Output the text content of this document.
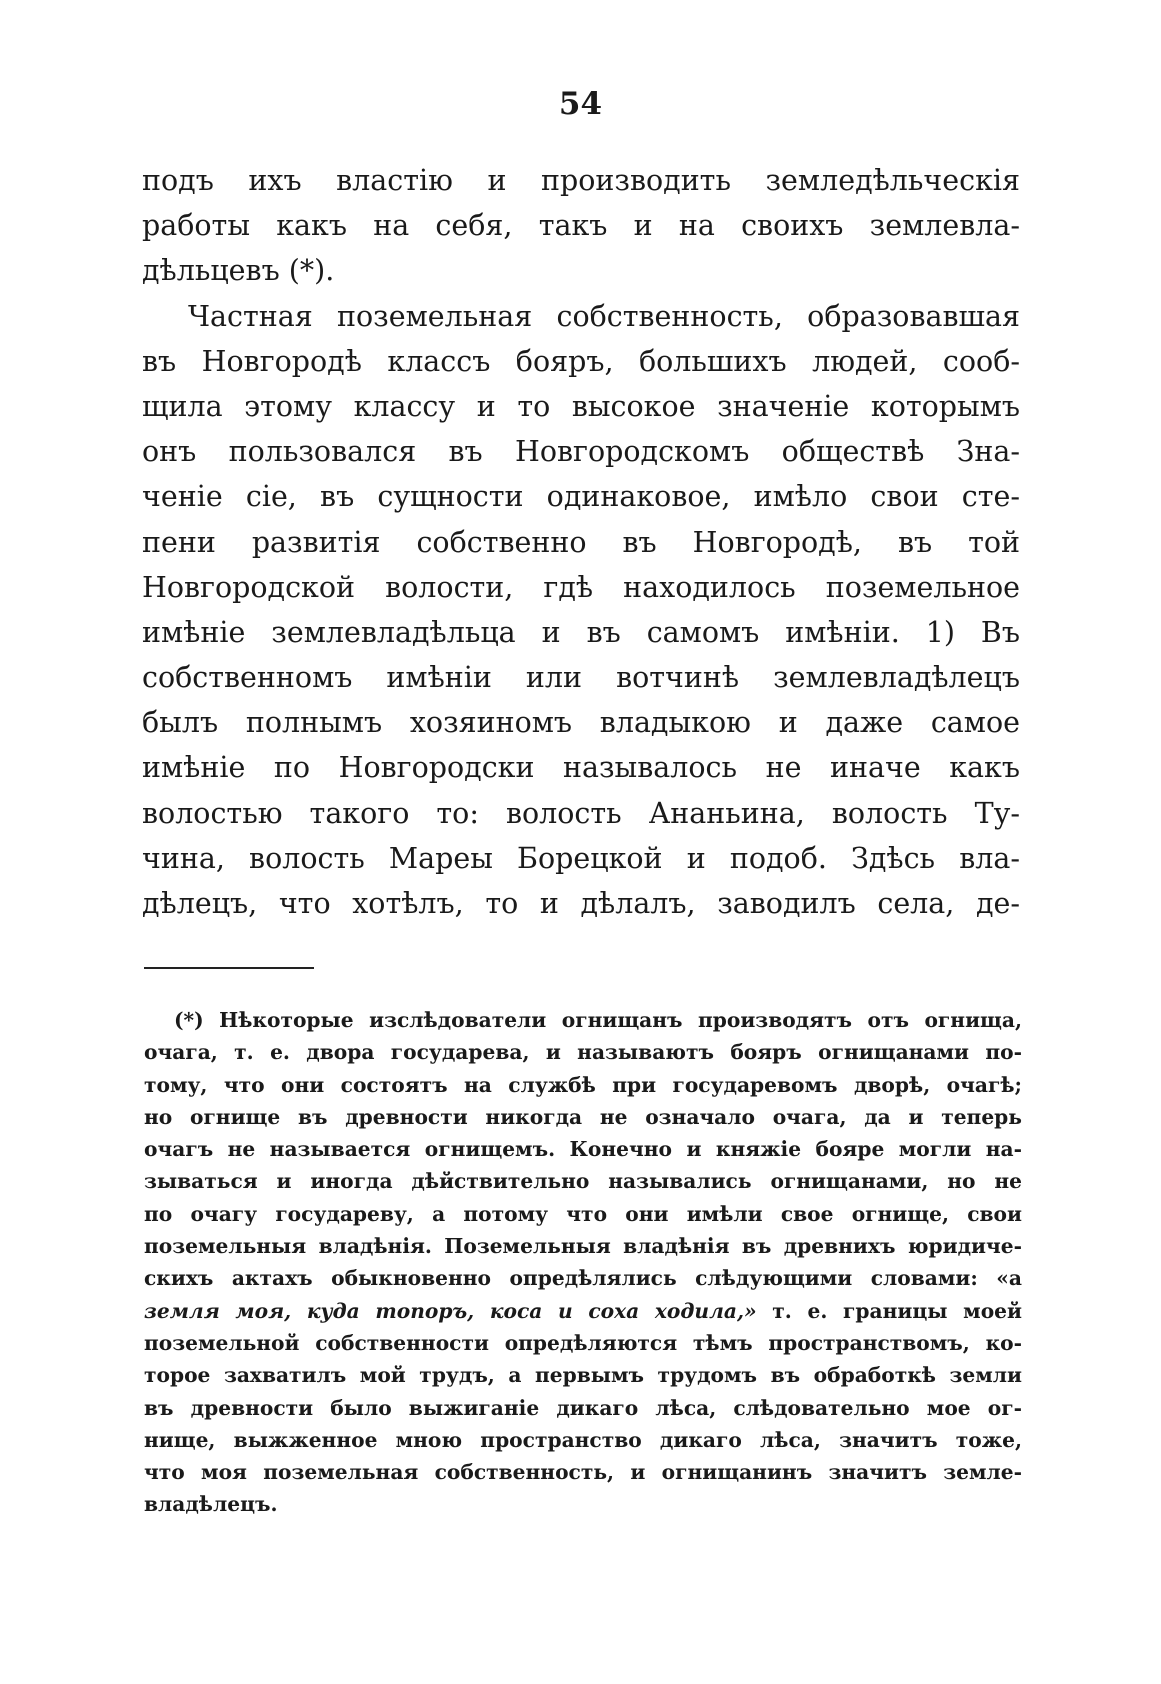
54
подъ ихъ властію и производить земледѣльческія
работы какъ на себя, такъ и на своихъ землевла-
дѣльцевъ (*).
Частная поземельная собственность, образовавшая
въ Новгородѣ классъ бояръ, большихъ людей, сооб-
щила этому классу и то высокое значеніе которымъ
онъ пользовался въ Новгородскомъ обществѣ Зна-
ченіе сіе, въ сущности одинаковое, имѣло свои сте-
пени развитія собственно въ Новгородѣ, въ той
Новгородской волости, гдѣ находилось поземельное
имѣніе землевладѣльца и въ самомъ имѣніи. 1) Въ
собственномъ имѣніи или вотчинѣ землевладѣлецъ
былъ полнымъ хозяиномъ владыкою и даже самое
имѣніе по Новгородски называлось не иначе какъ
волостью такого то: волость Ананьина, волость Ту-
чина, волость Мареы Борецкой и подоб. Здѣсь вла-
дѣлецъ, что хотѣлъ, то и дѣлалъ, заводилъ села, де-
(*) Нѣкоторые изслѣдователи огнищанъ производятъ отъ огнища,
очага, т. е. двора государева, и называютъ бояръ огнищанами по-
тому, что они состоятъ на службѣ при государевомъ дворѣ, очагѣ;
но огнище въ древности никогда не означало очага, да и теперь
очагъ не называется огнищемъ. Конечно и княжіе бояре могли на-
зываться и иногда дѣйствительно назывались огнищанами, но не
по очагу государеву, а потому что они имѣли свое огнище, свои
поземельныя владѣнія. Поземельныя владѣнія въ древнихъ юридиче-
скихъ актахъ обыкновенно опредѣлялись слѣдующими словами: «а
земля моя, куда топоръ, коса и соха ходила,» т. е. границы моей
поземельной собственности опредѣляются тѣмъ пространствомъ, ко-
торое захватилъ мой трудъ, а первымъ трудомъ въ обработкѣ земли
въ древности было выжиганіе дикаго лѣса, слѣдовательно мое ог-
нище, выжженное мною пространство дикаго лѣса, значитъ тоже,
что моя поземельная собственность, и огнищанинъ значитъ земле-
владѣлецъ.
